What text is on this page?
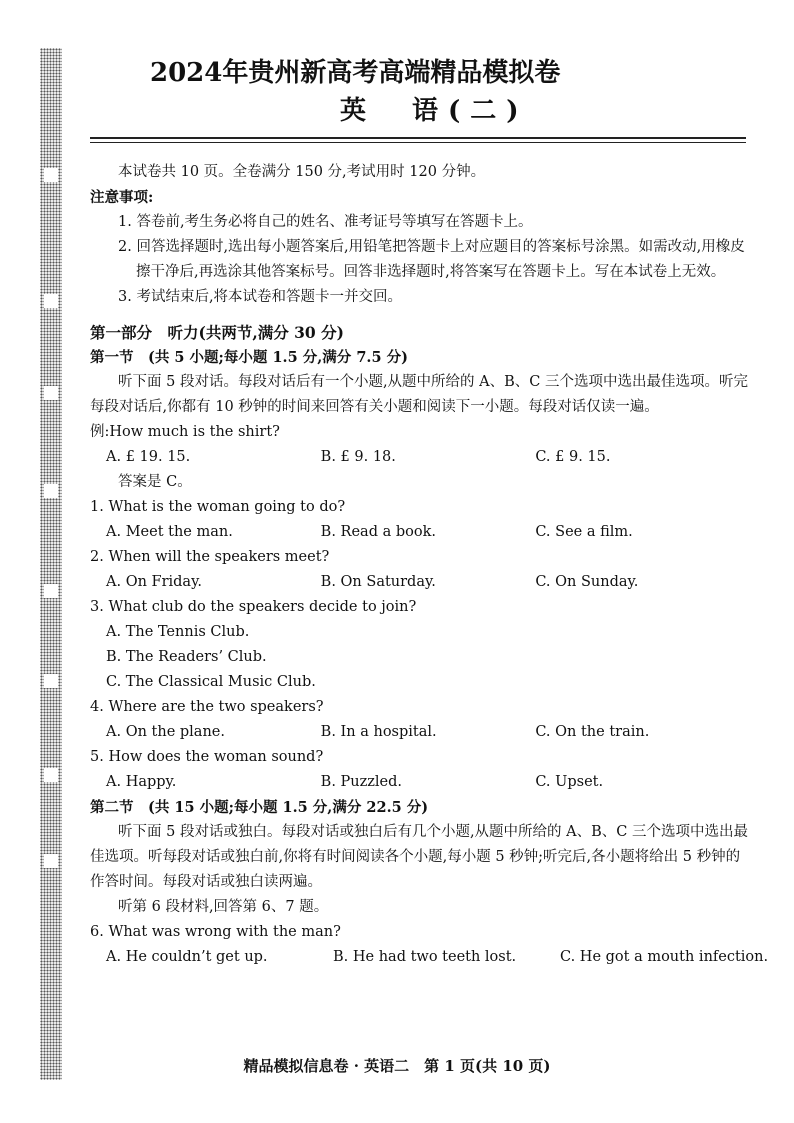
2024年贵州新高考高端精品模拟卷
英　语(二)

本试卷共 10 页。全卷满分 150 分,考试用时 120 分钟。

注意事项:

1. 答卷前,考生务必将自己的姓名、准考证号等填写在答题卡上。

2. 回答选择题时,选出每小题答案后,用铅笔把答题卡上对应题目的答案标号涂黑。如需改动,用橡皮擦干净后,再选涂其他答案标号。回答非选择题时,将答案写在答题卡上。写在本试卷上无效。

3. 考试结束后,将本试卷和答题卡一并交回。

第一部分　听力(共两节,满分 30 分)

第一节　(共 5 小题;每小题 1.5 分,满分 7.5 分)

听下面 5 段对话。每段对话后有一个小题,从题中所给的 A、B、C 三个选项中选出最佳选项。听完每段对话后,你都有 10 秒钟的时间来回答有关小题和阅读下一小题。每段对话仅读一遍。

例:How much is the shirt?

A. £ 19. 15.	B. £ 9. 18.	C. £ 9. 15.

答案是 C。

1. What is the woman going to do?

A. Meet the man.	B. Read a book.	C. See a film.

2. When will the speakers meet?

A. On Friday.	B. On Saturday.	C. On Sunday.

3. What club do the speakers decide to join?

A. The Tennis Club.

B. The Readers’ Club.

C. The Classical Music Club.

4. Where are the two speakers?

A. On the plane.	B. In a hospital.	C. On the train.

5. How does the woman sound?

A. Happy.	B. Puzzled.	C. Upset.

第二节　(共 15 小题;每小题 1.5 分,满分 22.5 分)

听下面 5 段对话或独白。每段对话或独白后有几个小题,从题中所给的 A、B、C 三个选项中选出最佳选项。听每段对话或独白前,你将有时间阅读各个小题,每小题 5 秒钟;听完后,各小题将给出 5 秒钟的作答时间。每段对话或独白读两遍。

听第 6 段材料,回答第 6、7 题。

6. What was wrong with the man?

A. He couldn’t get up.	B. He had two teeth lost.	C. He got a mouth infection.
精品模拟信息卷 · 英语二　第 1 页(共 10 页)
